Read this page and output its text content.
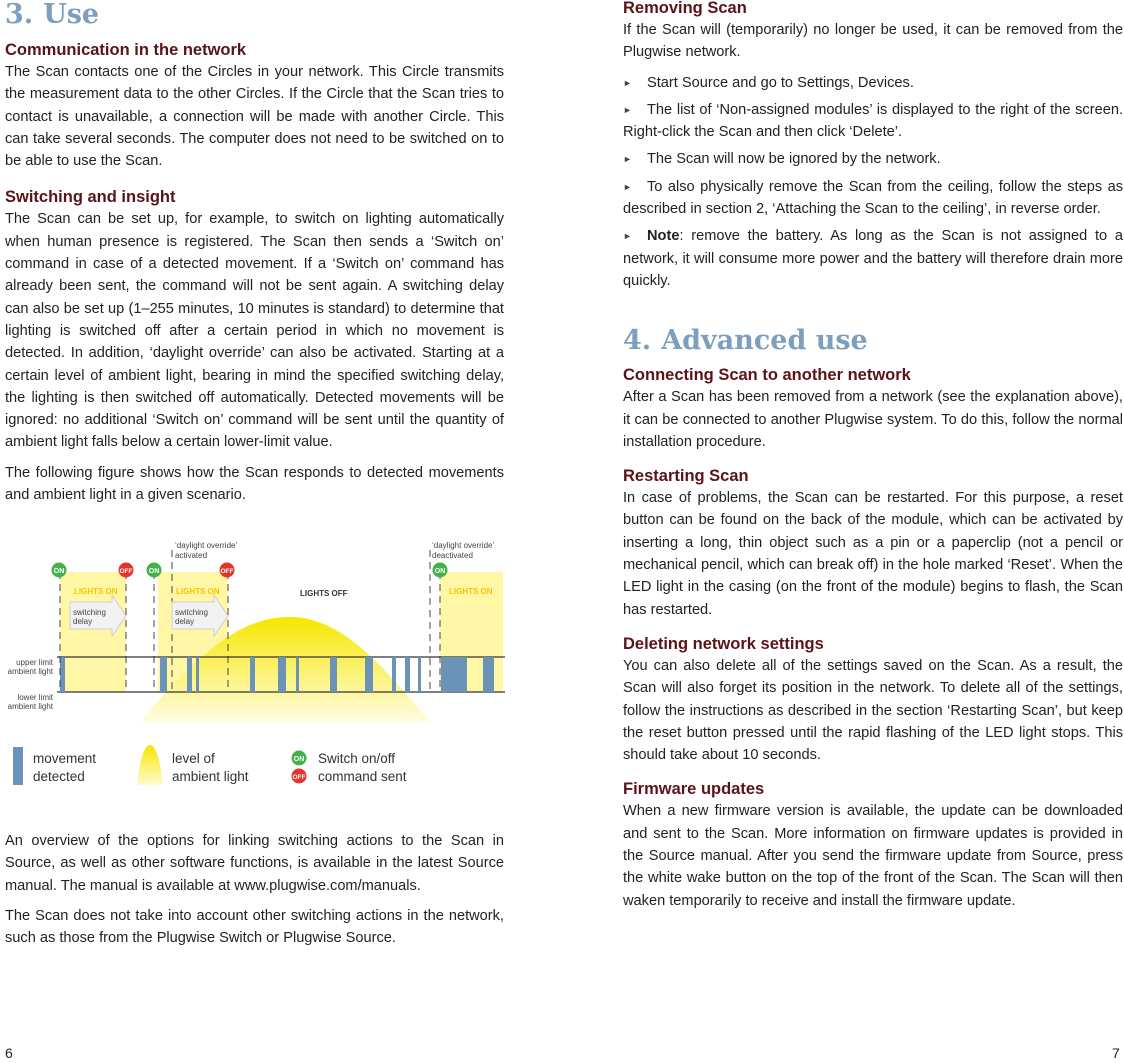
3. Use
Communication in the network

The Scan contacts one of the Circles in your network. This Circle transmits the measurement data to the other Circles. If the Circle that the Scan tries to contact is unavailable, a connection will be made with another Circle. This can take several seconds. The computer does not need to be switched on to be able to use the Scan.

Switching and insight

The Scan can be set up, for example, to switch on lighting automatically when human presence is registered. The Scan then sends a ‘Switch on’ command in case of a detected movement. If a ‘Switch on’ command has already been sent, the command will not be sent again. A switching delay can also be set up (1–255 minutes, 10 minutes is standard) to determine that lighting is switched off after a certain period in which no movement is detected. In addition, ‘daylight override’ can also be activated. Starting at a certain level of ambient light, bearing in mind the specified switching delay, the lighting is then switched off automatically. Detected movements will be ignored: no additional ‘Switch on’ command will be sent until the quantity of ambient light falls below a certain lower-limit value.

The following figure shows how the Scan responds to detected movements and ambient light in a given scenario.

ON	OFF ON	OFF	ON
‘daylight override’
activated
‘daylight override’
deactivated
LIGHTS ON	LIGHTS ON	LIGHTS ON
LIGHTS OFF
switching
delay
switching
delay
upper limit
ambient light
lower limit
ambient light
ON
OFF
movement
detected
level of
ambient light
Switch on/off
command sent

An overview of the options for linking switching actions to the Scan in Source, as well as other software functions, is available in the latest Source manual. The manual is available at www.plugwise.com/manuals.

The Scan does not take into account other switching actions in the network, such as those from the Plugwise Switch or Plugwise Source.

6
Removing Scan

If the Scan will (temporarily) no longer be used, it can be removed from the Plugwise network.

► Start Source and go to Settings, Devices.
► The list of ‘Non-assigned modules’ is displayed to the right of the screen. Right-click the Scan and then click ‘Delete’.
► The Scan will now be ignored by the network.
► To also physically remove the Scan from the ceiling, follow the steps as described in section 2, ‘Attaching the Scan to the ceiling’, in reverse order.
► Note: remove the battery. As long as the Scan is not assigned to a network, it will consume more power and the battery will therefore drain more quickly.
4. Advanced use
Connecting Scan to another network

After a Scan has been removed from a network (see the explanation above), it can be connected to another Plugwise system. To do this, follow the normal installation procedure.

Restarting Scan

In case of problems, the Scan can be restarted. For this purpose, a reset button can be found on the back of the module, which can be activated by inserting a long, thin object such as a pin or a paperclip (not a pencil or mechanical pencil, which can break off) in the hole marked ‘Reset’. When the LED light in the casing (on the front of the module) begins to flash, the Scan has restarted.

Deleting network settings

You can also delete all of the settings saved on the Scan. As a result, the Scan will also forget its position in the network. To delete all of the settings, follow the instructions as described in the section ‘Restarting Scan’, but keep the reset button pressed until the rapid flashing of the LED light stops. This should take about 10 seconds.

Firmware updates

When a new firmware version is available, the update can be downloaded and sent to the Scan. More information on firmware updates is provided in the Source manual. After you send the firmware update from Source, press the white wake button on the top of the front of the Scan. The Scan will then waken temporarily to receive and install the firmware update.

7
